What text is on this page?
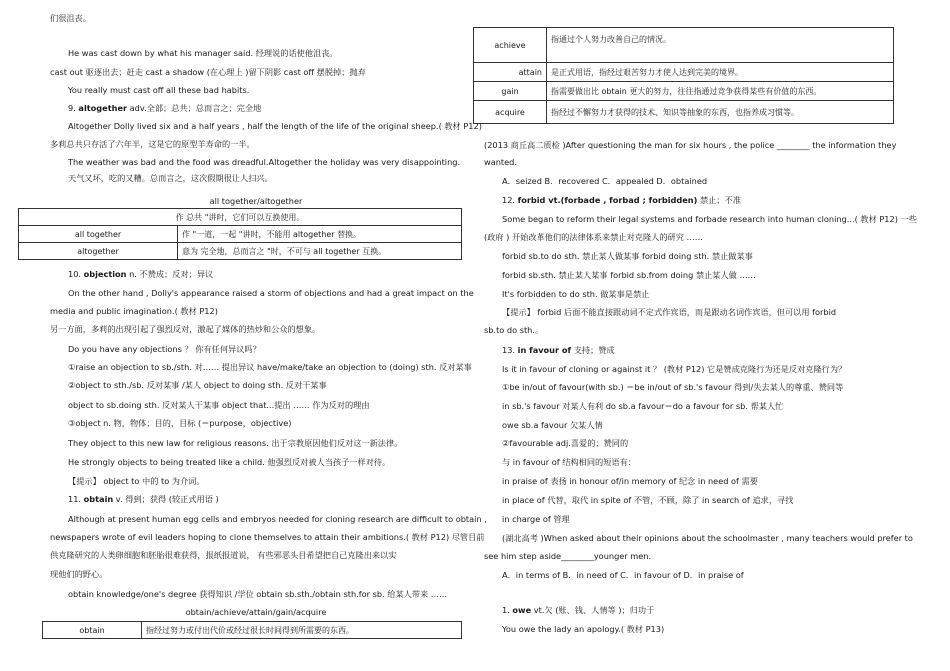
们很沮丧。
He was cast down by what his manager said. 经理说的话使他沮丧。
cast out 驱逐出去；赶走 cast a shadow (在心理上 )留下阴影 cast off 摆脱掉；抛弃
You really must cast off all these bad habits.
9. altogether adv.全部；总共；总而言之；完全地
Altogether Dolly lived six and a half years , half the length of the life of the original sheep.( 教材 P12)
多莉总共只存活了六年半，这是它的原型羊寿命的一半。
The weather was bad and the food was dreadful.Altogether the holiday was very disappointing.
天气又坏，吃的又糟。总而言之，这次假期很让人扫兴。
all together/altogether
作 总共 "讲时，它们可以互换使用。	
all together	作 "一道，一起 "讲时，不能用 altogether 替换。
altogether	意为 完全地，总而言之 "时，不可与 all together 互换。
10. objection n. 不赞成；反对；异议
On the other hand , Dolly's appearance raised a storm of objections and had a great impact on the
media and public imagination.( 教材 P12)
另一方面，多莉的出现引起了强烈反对，激起了媒体的热炒和公众的想象。
Do you have any objections ？ 你有任何异议吗？
①raise an objection to sb./sth. 对…… 提出异议 have/make/take an objection to (doing) sth. 反对某事
②object to sth./sb. 反对某事 /某人 object to doing sth. 反对干某事
object to sb.doing sth. 反对某人干某事 object that...提出 …… 作为反对的理由
③object n. 物，物体；目的，目标 (＝purpose，objective)
They object to this new law for religious reasons. 出于宗教原因他们反对这一新法律。
He strongly objects to being treated like a child. 他强烈反对被人当孩子一样对待。
【提示】 object to 中的 to 为介词。
11. obtain v. 得到；获得 (较正式用语 )
Although at present human egg cells and embryos needed for cloning research are difficult to obtain ,
newspapers wrote of evil leaders hoping to clone themselves to attain their ambitions.( 教材 P12) 尽管目前
供克隆研究的人类卵细胞和胚胎很难获得，报纸报道说， 有些邪恶头目希望把自己克隆出来以实
现他们的野心。
obtain knowledge/one's degree 获得知识 /学位 obtain sb.sth./obtain sth.for sb. 给某人带来 ……
obtain/achieve/attain/gain/acquire
obtain	指经过努力或付出代价或经过很长时间得到所需要的东西。
achieve	指通过个人努力改善自己的情况。
attain	是正式用语，指经过艰苦努力才使人达到完美的境界。
gain	指需要做出比 obtain 更大的努力，往往指通过竞争获得某些有价值的东西。
acquire	指经过不懈努力才获得的技术、知识等抽象的东西，也指养成习惯等。
(2013 商丘高二质检 )After questioning the man for six hours , the police ________ the information they
wanted.
A．seized B．recovered C．appealed D．obtained
12. forbid vt.(forbade , forbad ; forbidden) 禁止；不准
Some began to reform their legal systems and forbade research into human cloning...( 教材 P12) 一些
(政府 ) 开始改革他们的法律体系来禁止对克隆人的研究 ……
forbid sb.to do sth. 禁止某人做某事 forbid doing sth. 禁止做某事
forbid sb.sth. 禁止某人某事 forbid sb.from doing 禁止某人做 ……
It's forbidden to do sth. 做某事是禁止
【提示】 forbid 后面不能直接跟动词不定式作宾语，而是跟动名词作宾语，但可以用 forbid
sb.to do sth.。
13. in favour of 支持；赞成
Is it in favour of cloning or against it ？ (教材 P12) 它是赞成克隆行为还是反对克隆行为？
①be in/out of favour(with sb.) ＝be in/out of sb.'s favour 得到/失去某人的尊重、赞同等
in sb.'s favour 对某人有利 do sb.a favour＝do a favour for sb. 帮某人忙
owe sb.a favour 欠某人情
②favourable adj.喜爱的；赞同的
与 in favour of 结构相同的短语有：
in praise of 表扬 in honour of/in memory of 纪念 in need of 需要
in place of 代替，取代 in spite of 不管，不顾，除了 in search of 追求，寻找
in charge of 管理
(湖北高考 )When asked about their opinions about the schoolmaster , many teachers would prefer to
see him step aside________younger men.
A．in terms of B．in need of C．in favour of D．in praise of
1. owe vt.欠 (账、钱、人情等 )；归功于
You owe the lady an apology.( 教材 P13)
